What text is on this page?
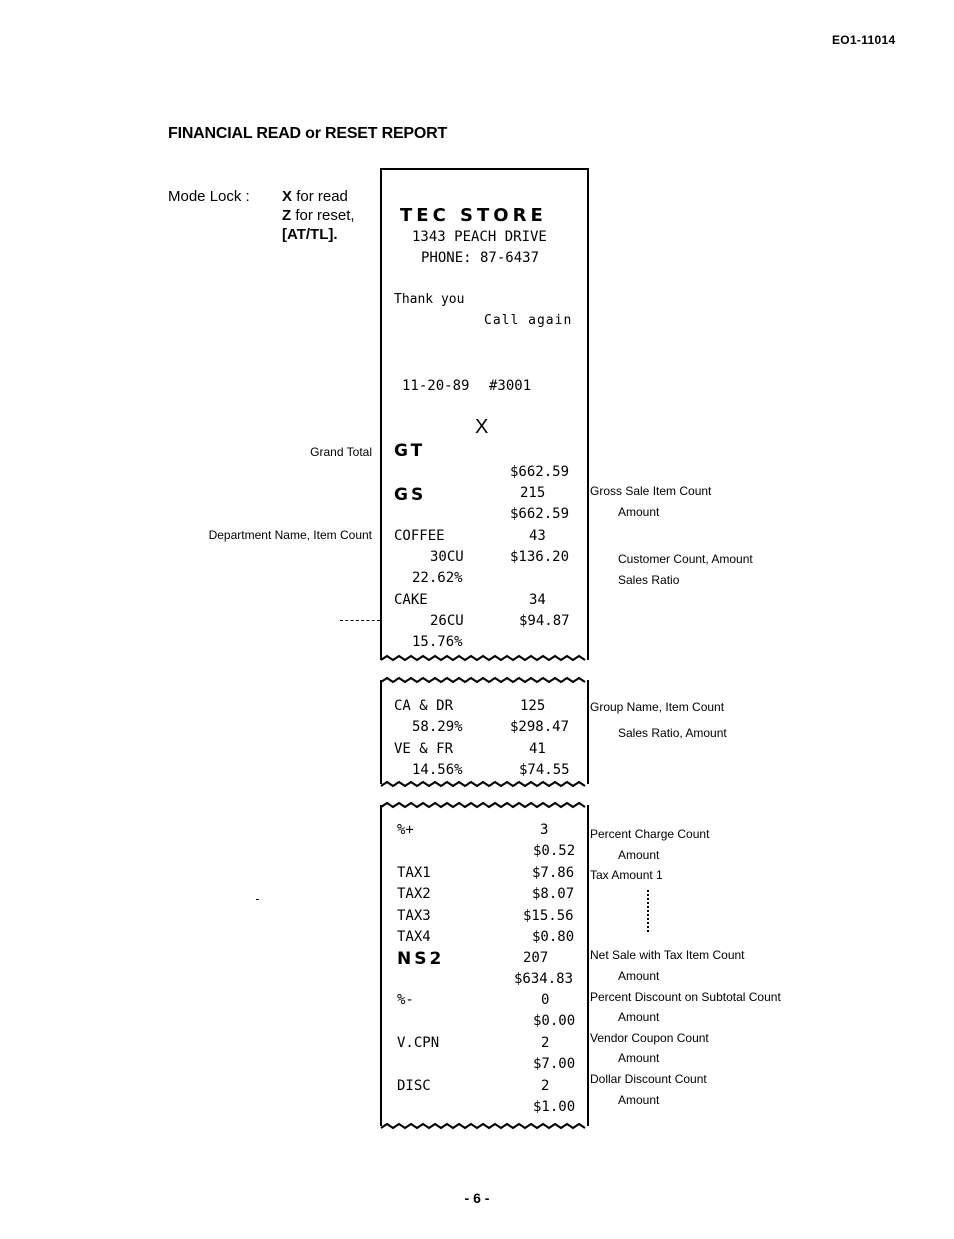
EO1-11014
FINANCIAL READ or RESET REPORT
Mode Lock : X for read
Z for reset,
[AT/TL].
Grand Total
Department Name, Item Count
TEC STORE
1343 PEACH DRIVE
PHONE: 87-6437
Thank you
Call again
11-20-89 #3001
X
GT
$662.59
GS	215
$662.59
COFFEE	43
30CU	$136.20
22.62%
CAKE	34
26CU	$94.87
15.76%
CA & DR	125
58.29%	$298.47
VE & FR	41
14.56%	$74.55
%+	3
$0.52
TAX1	$7.86
TAX2	$8.07
TAX3	$15.56
TAX4	$0.80
NS2	207
$634.83
%-	0
$0.00
V.CPN	2
$7.00
DISC	2
$1.00
Gross Sale Item Count
Amount
Customer Count, Amount
Sales Ratio
Group Name, Item Count
Sales Ratio, Amount
Percent Charge Count
Amount
Tax Amount 1
Net Sale with Tax Item Count
Amount
Percent Discount on Subtotal Count
Amount
Vendor Coupon Count
Amount
Dollar Discount Count
Amount
- 6 -
